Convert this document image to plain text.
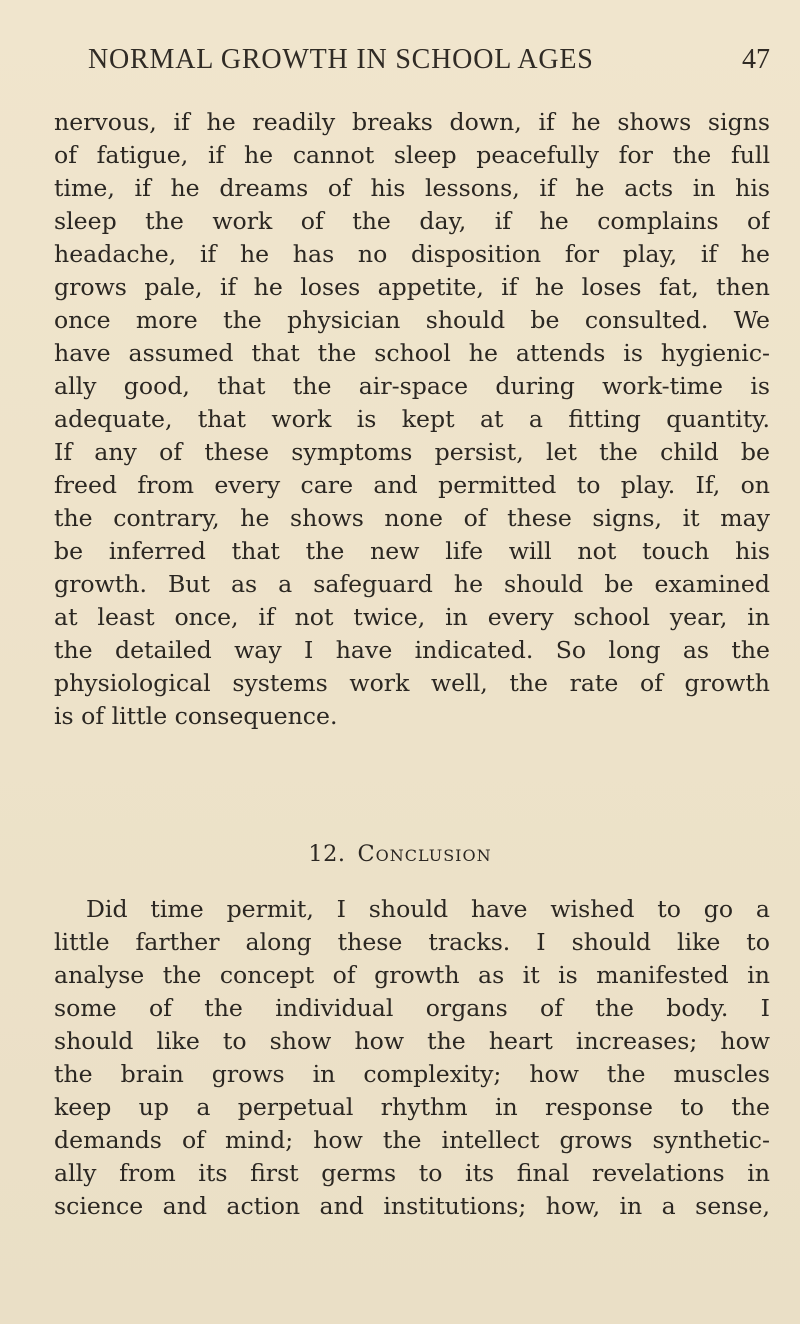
NORMAL GROWTH IN SCHOOL AGES	47
nervous, if he readily breaks down, if he shows signs
of fatigue, if he cannot sleep peacefully for the full
time, if he dreams of his lessons, if he acts in his
sleep the work of the day, if he complains of
headache, if he has no disposition for play, if he
grows pale, if he loses appetite, if he loses fat, then
once more the physician should be consulted. We
have assumed that the school he attends is hygienic-
ally good, that the air-space during work-time is
adequate, that work is kept at a fitting quantity.
If any of these symptoms persist, let the child be
freed from every care and permitted to play. If, on
the contrary, he shows none of these signs, it may
be inferred that the new life will not touch his
growth. But as a safeguard he should be examined
at least once, if not twice, in every school year, in
the detailed way I have indicated. So long as the
physiological systems work well, the rate of growth
is of little consequence.
12. Conclusion
Did time permit, I should have wished to go a
little farther along these tracks. I should like to
analyse the concept of growth as it is manifested in
some of the individual organs of the body. I
should like to show how the heart increases; how
the brain grows in complexity; how the muscles
keep up a perpetual rhythm in response to the
demands of mind; how the intellect grows synthetic-
ally from its first germs to its final revelations in
science and action and institutions; how, in a sense,
